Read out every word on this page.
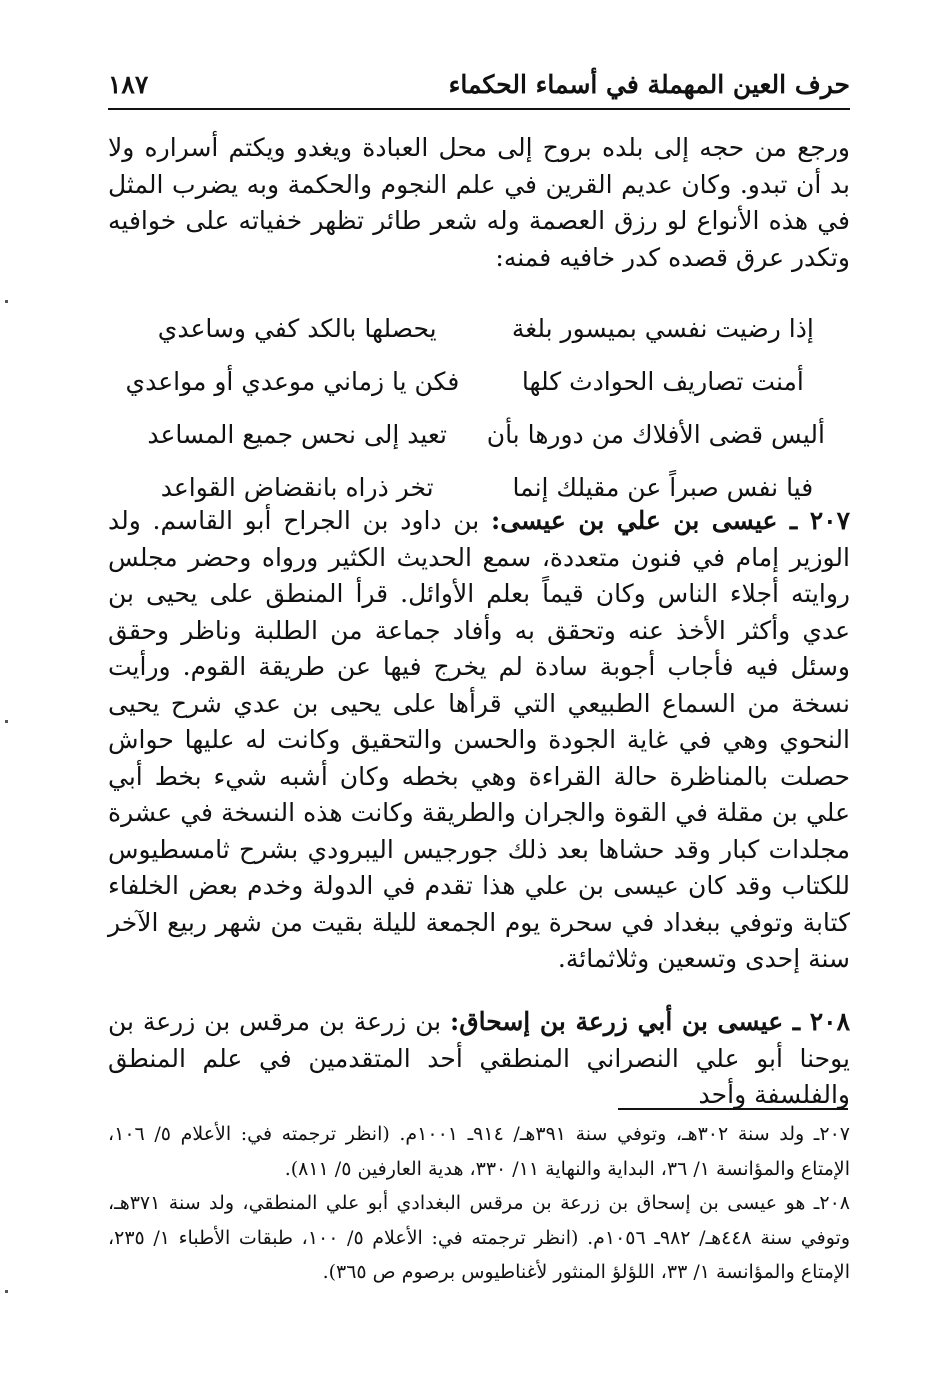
حرف العين المهملة في أسماء الحكماء
١٨٧

ورجع من حجه إلى بلده بروح إلى محل العبادة ويغدو ويكتم أسراره ولا بد أن تبدو. وكان عديم القرين في علم النجوم والحكمة وبه يضرب المثل في هذه الأنواع لو رزق العصمة وله شعر طائر تظهر خفياته على خوافيه وتكدر عرق قصده كدر خافيه فمنه:

إذا رضيت نفسي بميسور بلغة
يحصلها بالكد كفي وساعدي
أمنت تصاريف الحوادث كلها
فكن يا زماني موعدي أو مواعدي
أليس قضى الأفلاك من دورها بأن
تعيد إلى نحس جميع المساعد
فيا نفس صبراً عن مقيلك إنما
تخر ذراه بانقضاض القواعد

٢٠٧ ـ عيسى بن علي بن عيسى: بن داود بن الجراح أبو القاسم. ولد الوزير إمام في فنون متعددة، سمع الحديث الكثير ورواه وحضر مجلس روايته أجلاء الناس وكان قيماً بعلم الأوائل. قرأ المنطق على يحيى بن عدي وأكثر الأخذ عنه وتحقق به وأفاد جماعة من الطلبة وناظر وحقق وسئل فيه فأجاب أجوبة سادة لم يخرج فيها عن طريقة القوم. ورأيت نسخة من السماع الطبيعي التي قرأها على يحيى بن عدي شرح يحيى النحوي وهي في غاية الجودة والحسن والتحقيق وكانت له عليها حواش حصلت بالمناظرة حالة القراءة وهي بخطه وكان أشبه شيء بخط أبي علي بن مقلة في القوة والجران والطريقة وكانت هذه النسخة في عشرة مجلدات كبار وقد حشاها بعد ذلك جورجيس اليبرودي بشرح ثامسطيوس للكتاب وقد كان عيسى بن علي هذا تقدم في الدولة وخدم بعض الخلفاء كتابة وتوفي ببغداد في سحرة يوم الجمعة لليلة بقيت من شهر ربيع الآخر سنة إحدى وتسعين وثلاثمائة.

٢٠٨ ـ عيسى بن أبي زرعة بن إسحاق: بن زرعة بن مرقس بن زرعة بن يوحنا أبو علي النصراني المنطقي أحد المتقدمين في علم المنطق والفلسفة وأحد

٢٠٧ـ ولد سنة ٣٠٢هـ، وتوفي سنة ٣٩١هـ/ ٩١٤ـ ١٠٠١م. (انظر ترجمته في: الأعلام ٥/ ١٠٦، الإمتاع والمؤانسة ١/ ٣٦، البداية والنهاية ١١/ ٣٣٠، هدية العارفين ٥/ ٨١١).

٢٠٨ـ هو عيسى بن إسحاق بن زرعة بن مرقس البغدادي أبو علي المنطقي، ولد سنة ٣٧١هـ، وتوفي سنة ٤٤٨هـ/ ٩٨٢ـ ١٠٥٦م. (انظر ترجمته في: الأعلام ٥/ ١٠٠، طبقات الأطباء ١/ ٢٣٥، الإمتاع والمؤانسة ١/ ٣٣، اللؤلؤ المنثور لأغناطيوس برصوم ص ٣٦٥).
